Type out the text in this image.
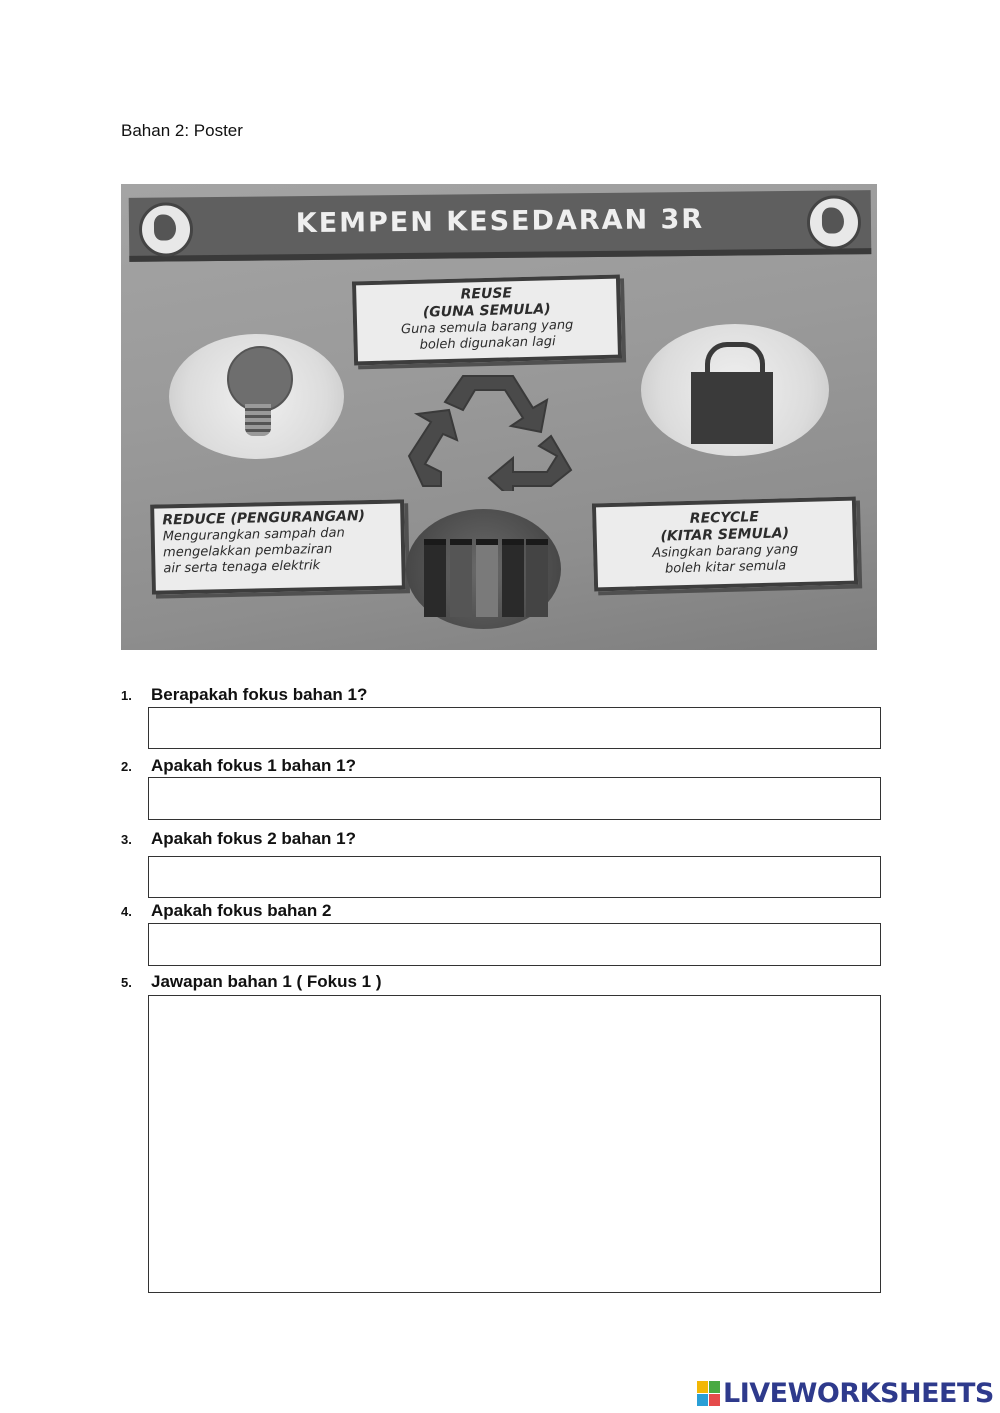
Bahan 2: Poster
KEMPEN KESEDARAN 3R
REUSE
(GUNA SEMULA)
Guna semula barang yang
boleh digunakan lagi
REDUCE (PENGURANGAN)
Mengurangkan sampah dan
mengelakkan pembaziran
air serta tenaga elektrik
RECYCLE
(KITAR SEMULA)
Asingkan barang yang
boleh kitar semula
1. Berapakah fokus bahan 1?
2. Apakah fokus 1 bahan 1?
3. Apakah fokus 2 bahan 1?
4. Apakah fokus bahan 2
5. Jawapan bahan 1 ( Fokus 1 )
LIVEWORKSHEETS
